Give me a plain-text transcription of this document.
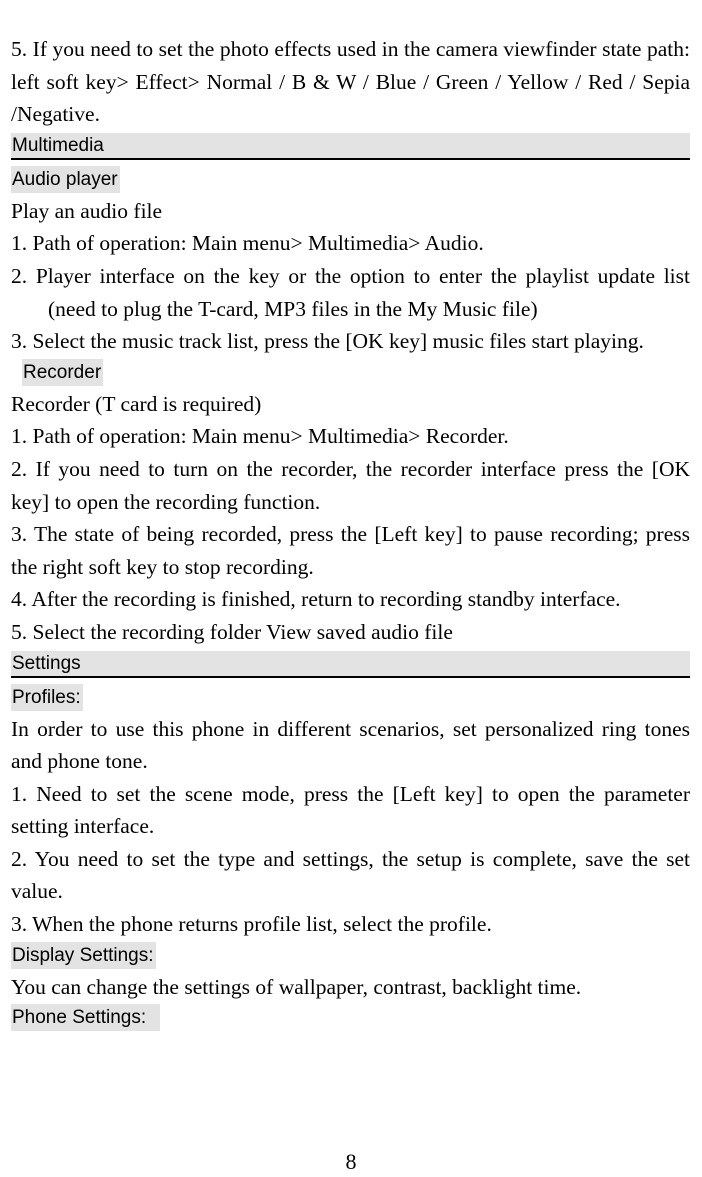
5. If you need to set the photo effects used in the camera viewfinder state path: left soft key> Effect> Normal / B & W / Blue / Green / Yellow / Red / Sepia /Negative.

Multimedia
Audio player

Play an audio file

1. Path of operation: Main menu> Multimedia> Audio.

2. Player interface on the key or the option to enter the playlist update list (need to plug the T-card, MP3 files in the My Music file)

3. Select the music track list, press the [OK key] music files start playing.

Recorder

Recorder (T card is required)

1. Path of operation: Main menu> Multimedia> Recorder.

2. If you need to turn on the recorder, the recorder interface press the [OK key] to open the recording function.

3. The state of being recorded, press the [Left key] to pause recording; press the right soft key to stop recording.

4. After the recording is finished, return to recording standby interface.

5. Select the recording folder View saved audio file

Settings
Profiles:

In order to use this phone in different scenarios, set personalized ring tones and phone tone.

1. Need to set the scene mode, press the [Left key] to open the parameter setting interface.

2. You need to set the type and settings, the setup is complete, save the set value.

3. When the phone returns profile list, select the profile.

Display Settings:

You can change the settings of wallpaper, contrast, backlight time.

Phone Settings:
8
